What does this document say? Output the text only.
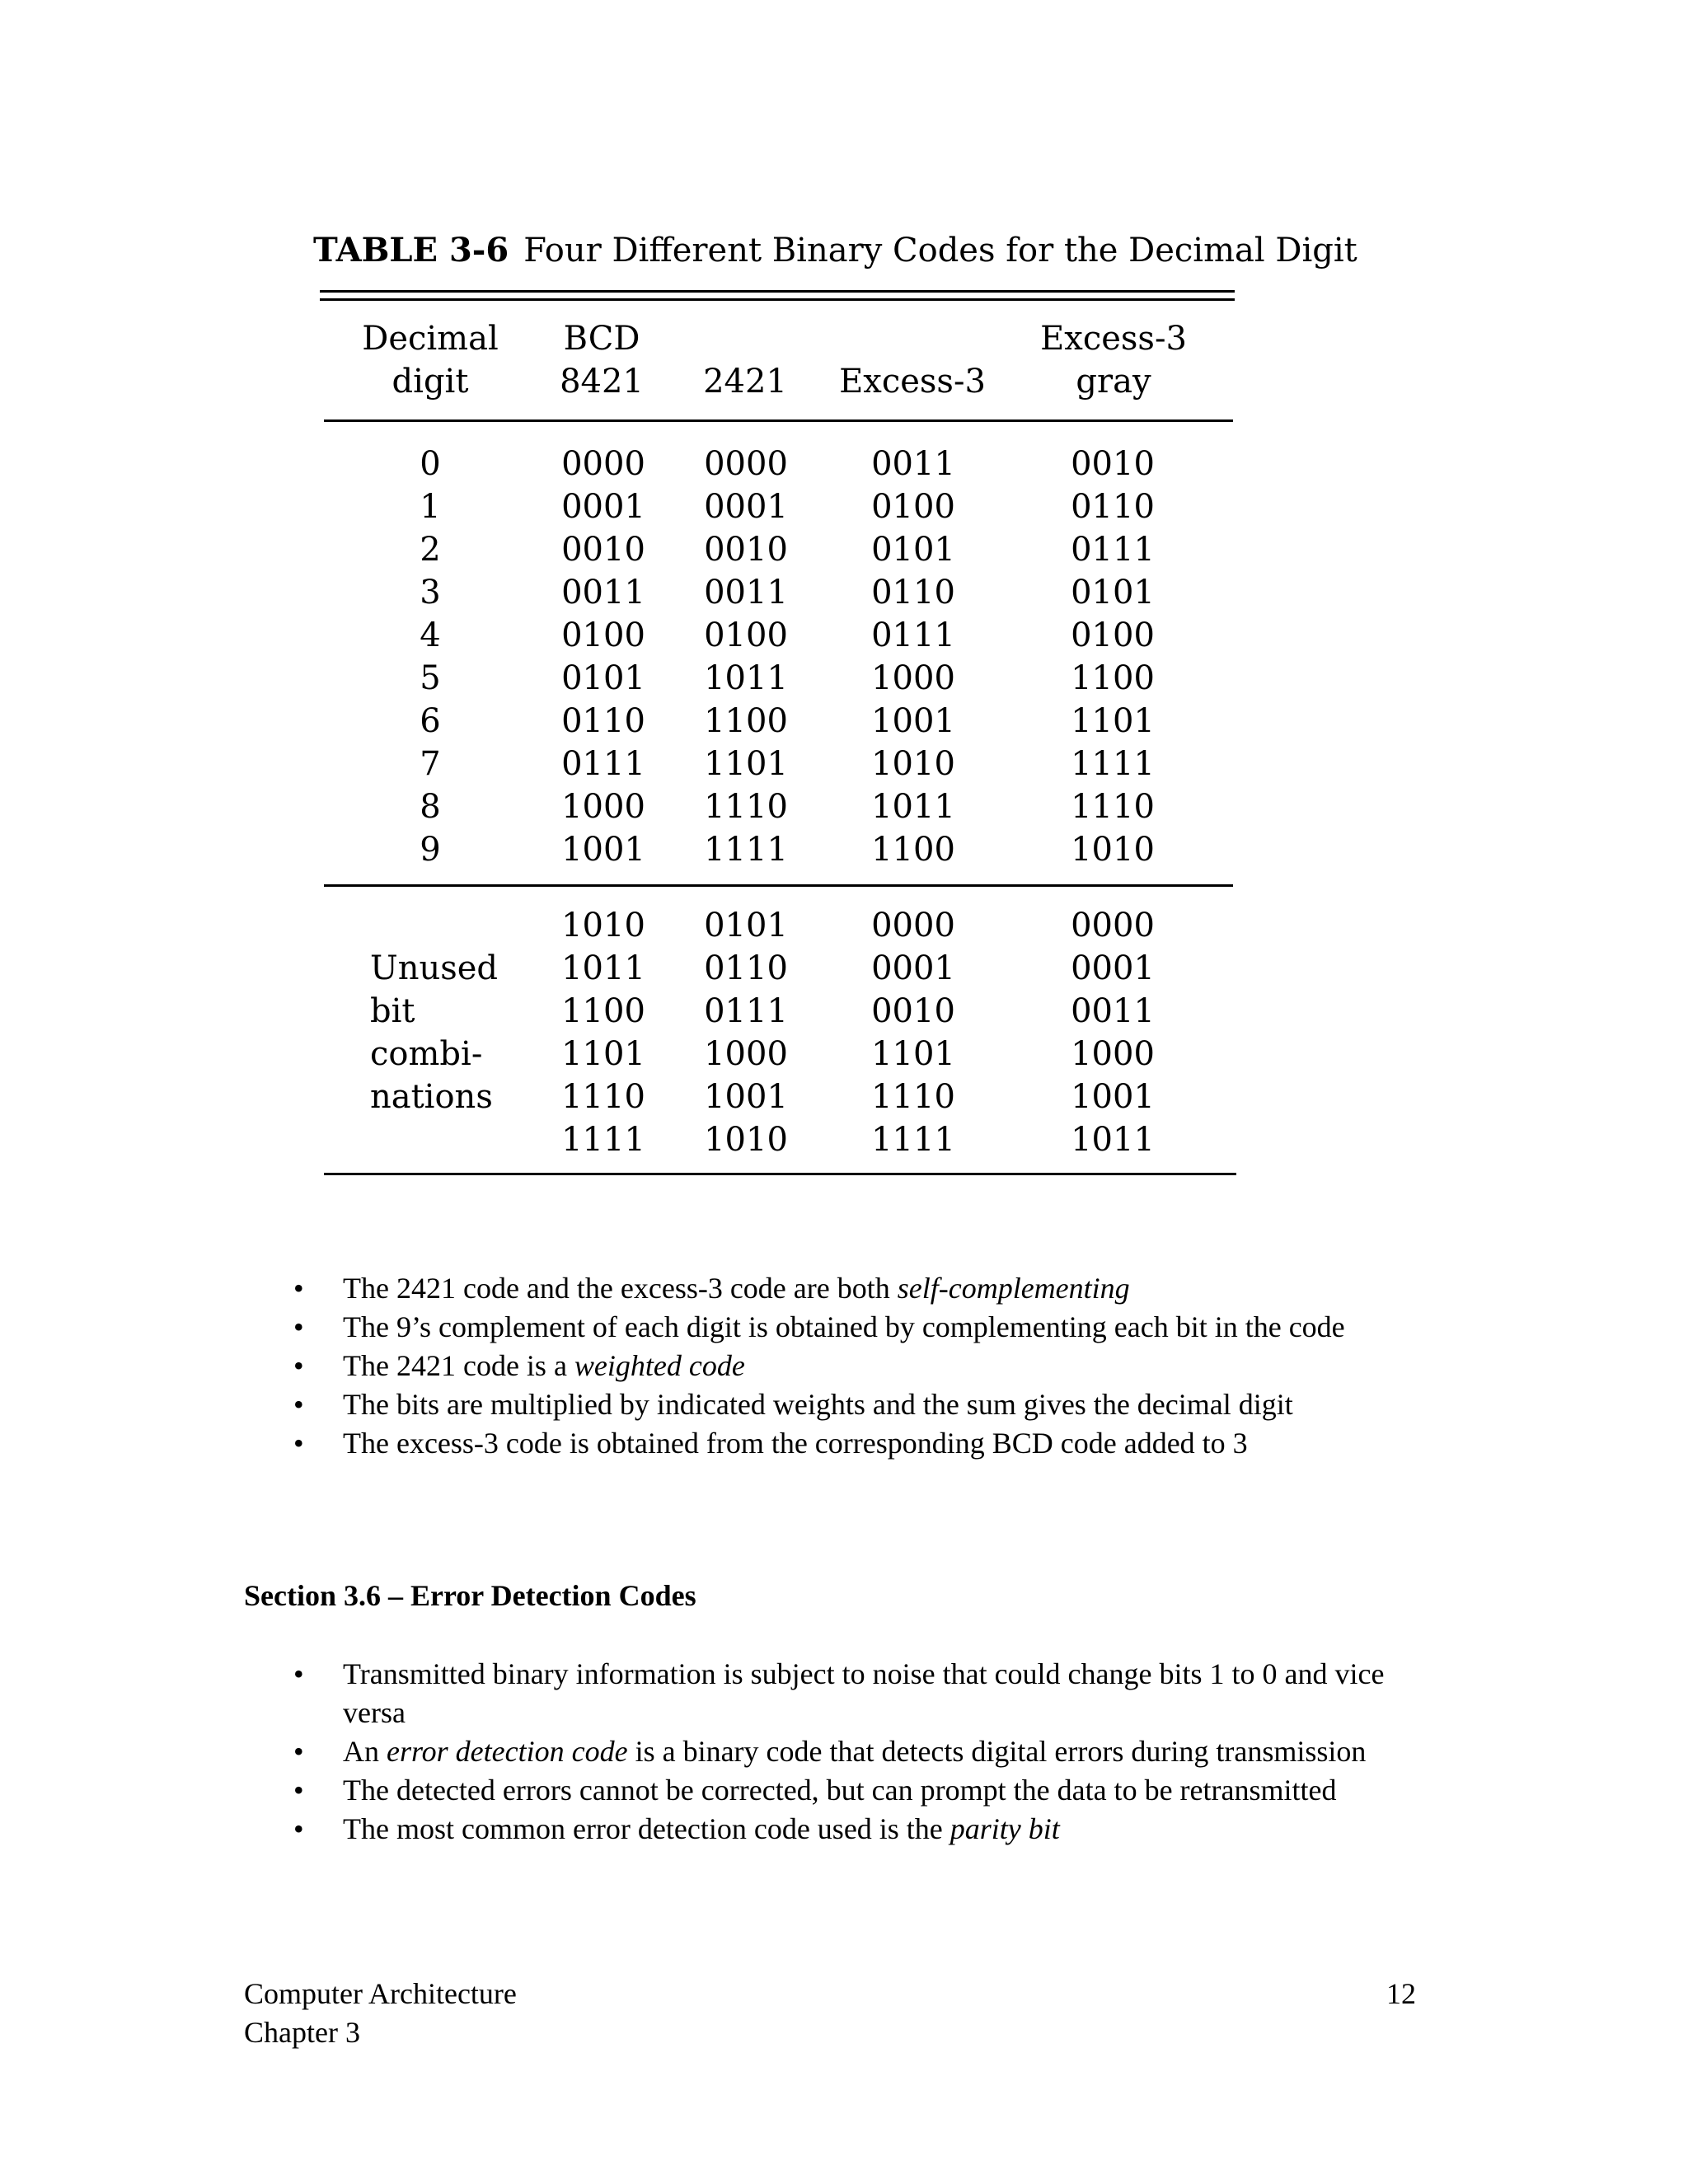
TABLE 3-6 Four Different Binary Codes for the Decimal Digit
Decimal
digit
BCD
8421 2421 Excess-3
Excess-3
gray
0
1
2
3
4
5
6
7
8
9
0000
0001
0010
0011
0100
0101
0110
0111
1000
1001
0000
0001
0010
0011
0100
1011
1100
1101
1110
1111
0011
0100
0101
0110
0111
1000
1001
1010
1011
1100
0010
0110
0111
0101
0100
1100
1101
1111
1110
1010
Unused
bit
combi-
nations
1010
1011
1100
1101
1110
1111
0101
0110
0111
1000
1001
1010
0000
0001
0010
1101
1110
1111
0000
0001
0011
1000
1001
1011
• The 2421 code and the excess-3 code are both self-complementing
• The 9’s complement of each digit is obtained by complementing each bit in the code
• The 2421 code is a weighted code
• The bits are multiplied by indicated weights and the sum gives the decimal digit
• The excess-3 code is obtained from the corresponding BCD code added to 3
Section 3.6 – Error Detection Codes
• Transmitted binary information is subject to noise that could change bits 1 to 0 and vice versa
• An error detection code is a binary code that detects digital errors during transmission
• The detected errors cannot be corrected, but can prompt the data to be retransmitted
• The most common error detection code used is the parity bit
Computer Architecture
Chapter 3
12
